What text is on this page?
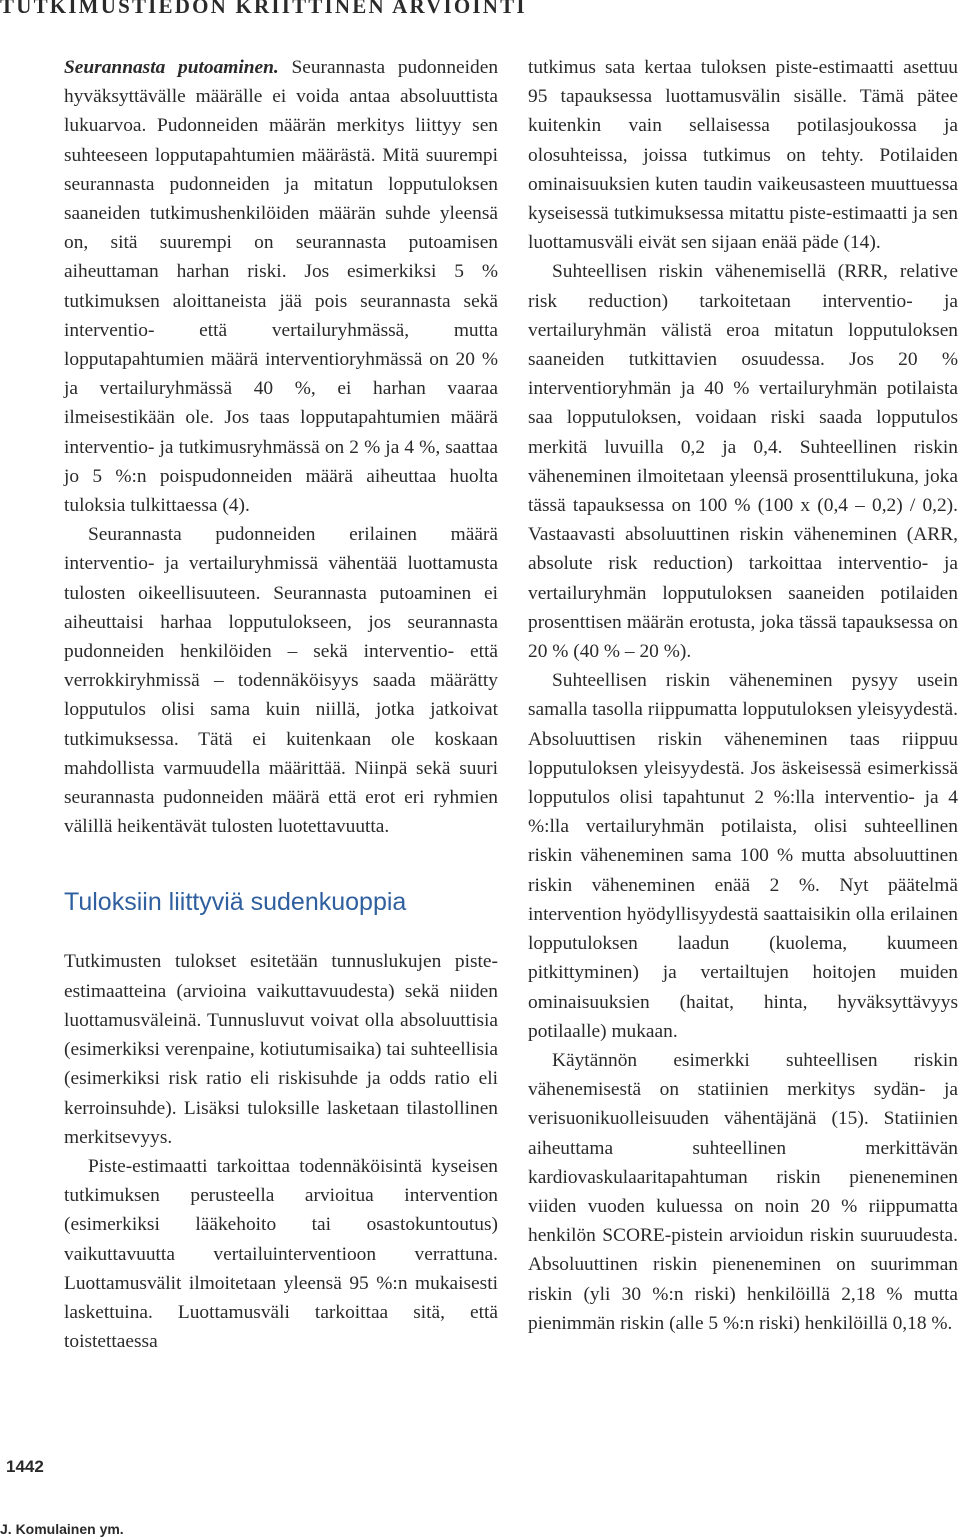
TUTKIMUSTIEDON KRIITTINEN ARVIOINTI

Seurannasta putoaminen. Seurannasta pudonneiden hyväksyttävälle määrälle ei voida antaa absoluuttista lukuarvoa. Pudonneiden määrän merkitys liittyy sen suhteeseen lopputapahtumien määrästä. Mitä suurempi seurannasta pudonneiden ja mitatun lopputuloksen saaneiden tutkimushenkilöiden määrän suhde yleensä on, sitä suurempi on seurannasta putoamisen aiheuttaman harhan riski. Jos esimerkiksi 5 % tutkimuksen aloittaneista jää pois seurannasta sekä interventio- että vertailuryhmässä, mutta lopputapahtumien määrä interventioryhmässä on 20 % ja vertailuryhmässä 40 %, ei harhan vaaraa ilmeisestikään ole. Jos taas lopputapahtumien määrä interventio- ja tutkimusryhmässä on 2 % ja 4 %, saattaa jo 5 %:n poispudonneiden määrä aiheuttaa huolta tuloksia tulkittaessa (4).

Seurannasta pudonneiden erilainen määrä interventio- ja vertailuryhmissä vähentää luottamusta tulosten oikeellisuuteen. Seurannasta putoaminen ei aiheuttaisi harhaa lopputulokseen, jos seurannasta pudonneiden henkilöiden – sekä interventio- että verrokkiryhmissä – todennäköisyys saada määrätty lopputulos olisi sama kuin niillä, jotka jatkoivat tutkimuksessa. Tätä ei kuitenkaan ole koskaan mahdollista varmuudella määrittää. Niinpä sekä suuri seurannasta pudonneiden määrä että erot eri ryhmien välillä heikentävät tulosten luotettavuutta.

Tuloksiin liittyviä sudenkuoppia

Tutkimusten tulokset esitetään tunnuslukujen piste-estimaatteina (arvioina vaikuttavuudesta) sekä niiden luottamusväleinä. Tunnusluvut voivat olla absoluuttisia (esimerkiksi verenpaine, kotiutumisaika) tai suhteellisia (esimerkiksi risk ratio eli riskisuhde ja odds ratio eli kerroinsuhde). Lisäksi tuloksille lasketaan tilastollinen merkitsevyys.

Piste-estimaatti tarkoittaa todennäköisintä kyseisen tutkimuksen perusteella arvioitua intervention (esimerkiksi lääkehoito tai osastokuntoutus) vaikuttavuutta vertailuinterventioon verrattuna. Luottamusvälit ilmoitetaan yleensä 95 %:n mukaisesti laskettuina. Luottamusväli tarkoittaa sitä, että toistettaessa

tutkimus sata kertaa tuloksen piste-estimaatti asettuu 95 tapauksessa luottamusvälin sisälle. Tämä pätee kuitenkin vain sellaisessa potilasjoukossa ja olosuhteissa, joissa tutkimus on tehty. Potilaiden ominaisuuksien kuten taudin vaikeusasteen muuttuessa kyseisessä tutkimuksessa mitattu piste-estimaatti ja sen luottamusväli eivät sen sijaan enää päde (14).

Suhteellisen riskin vähenemisellä (RRR, relative risk reduction) tarkoitetaan interventio- ja vertailuryhmän välistä eroa mitatun lopputuloksen saaneiden tutkittavien osuudessa. Jos 20 % interventioryhmän ja 40 % vertailuryhmän potilaista saa lopputuloksen, voidaan riski saada lopputulos merkitä luvuilla 0,2 ja 0,4. Suhteellinen riskin väheneminen ilmoitetaan yleensä prosenttilukuna, joka tässä tapauksessa on 100 % (100 x (0,4 – 0,2) / 0,2). Vastaavasti absoluuttinen riskin väheneminen (ARR, absolute risk reduction) tarkoittaa interventio- ja vertailuryhmän lopputuloksen saaneiden potilaiden prosenttisen määrän erotusta, joka tässä tapauksessa on 20 % (40 % – 20 %).

Suhteellisen riskin väheneminen pysyy usein samalla tasolla riippumatta lopputuloksen yleisyydestä. Absoluuttisen riskin väheneminen taas riippuu lopputuloksen yleisyydestä. Jos äskeisessä esimerkissä lopputulos olisi tapahtunut 2 %:lla interventio- ja 4 %:lla vertailuryhmän potilaista, olisi suhteellinen riskin väheneminen sama 100 % mutta absoluuttinen riskin väheneminen enää 2 %. Nyt päätelmä intervention hyödyllisyydestä saattaisikin olla erilainen lopputuloksen laadun (kuolema, kuumeen pitkittyminen) ja vertailtujen hoitojen muiden ominaisuuksien (haitat, hinta, hyväksyttävyys potilaalle) mukaan.

Käytännön esimerkki suhteellisen riskin vähenemisestä on statiinien merkitys sydän- ja verisuonikuolleisuuden vähentäjänä (15). Statiinien aiheuttama suhteellinen merkittävän kardiovaskulaaritapahtuman riskin pieneneminen viiden vuoden kuluessa on noin 20 % riippumatta henkilön SCORE-pistein arvioidun riskin suuruudesta. Absoluuttinen riskin pieneneminen on suurimman riskin (yli 30 %:n riski) henkilöillä 2,18 % mutta pienimmän riskin (alle 5 %:n riski) henkilöillä 0,18 %.

1442
J. Komulainen ym.
